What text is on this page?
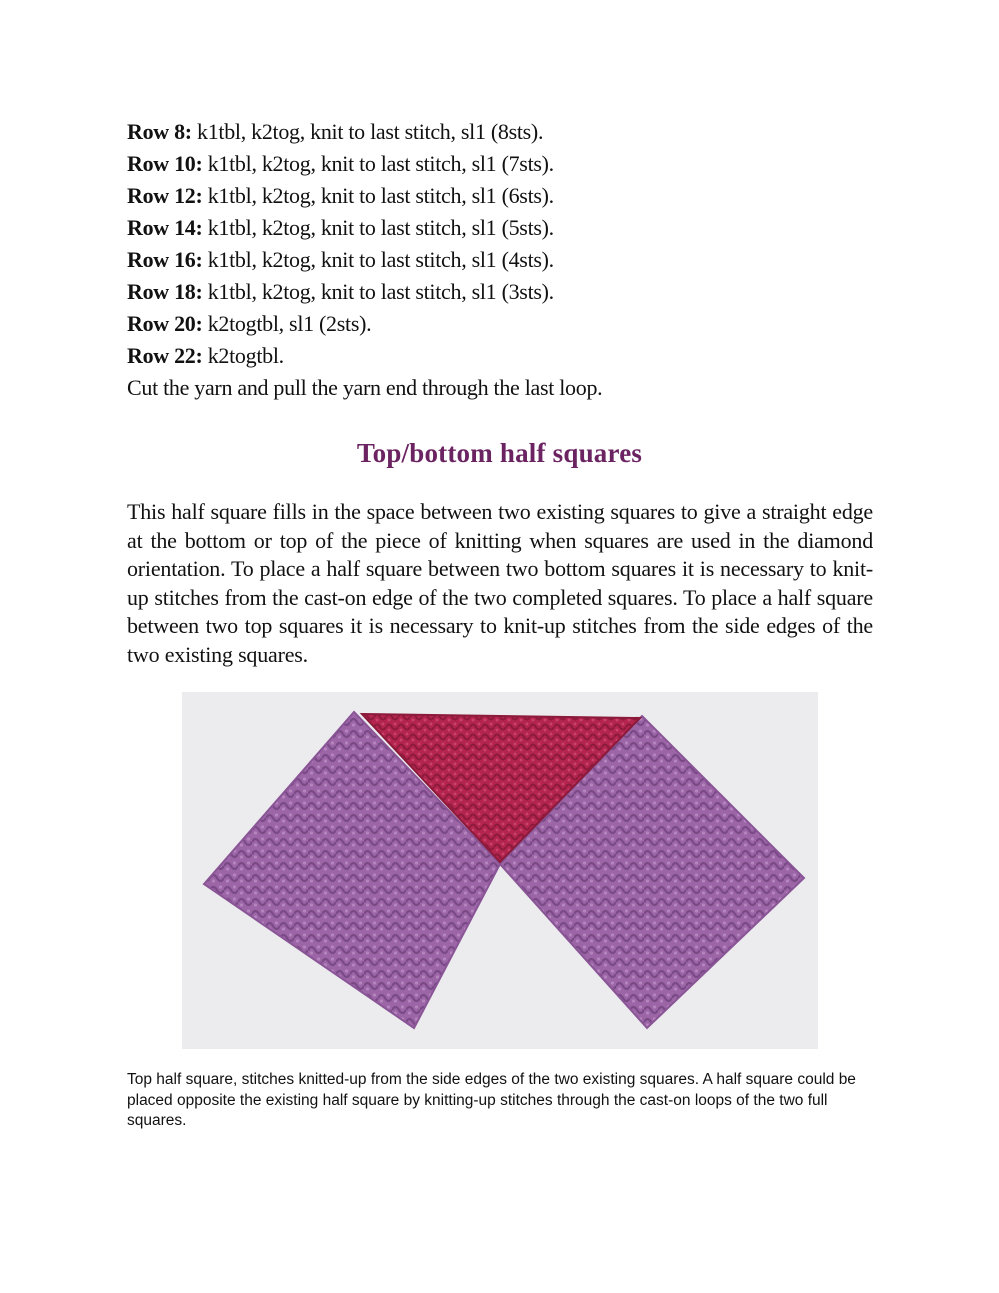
Row 8: k1tbl, k2tog, knit to last stitch, sl1 (8sts).
Row 10: k1tbl, k2tog, knit to last stitch, sl1 (7sts).
Row 12: k1tbl, k2tog, knit to last stitch, sl1 (6sts).
Row 14: k1tbl, k2tog, knit to last stitch, sl1 (5sts).
Row 16: k1tbl, k2tog, knit to last stitch, sl1 (4sts).
Row 18: k1tbl, k2tog, knit to last stitch, sl1 (3sts).
Row 20: k2togtbl, sl1 (2sts).
Row 22: k2togtbl.
Cut the yarn and pull the yarn end through the last loop.
Top/bottom half squares
This half square fills in the space between two existing squares to give a straight edge at the bottom or top of the piece of knitting when squares are used in the diamond orientation. To place a half square between two bottom squares it is necessary to knit-up stitches from the cast-on edge of the two completed squares. To place a half square between two top squares it is necessary to knit-up stitches from the side edges of the two existing squares.
Top half square, stitches knitted-up from the side edges of the two existing squares. A half square could be placed opposite the existing half square by knitting-up stitches through the cast-on loops of the two full squares.
